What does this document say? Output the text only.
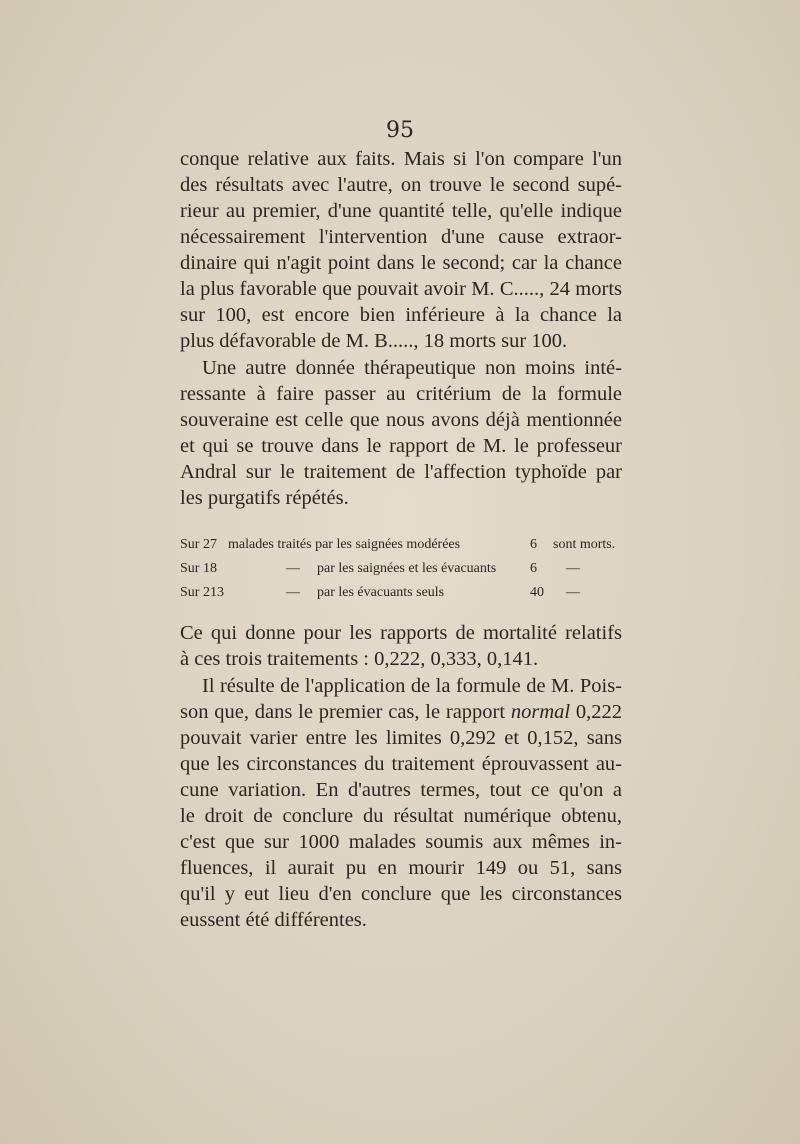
95
conque relative aux faits. Mais si l'on compare l'un
des résultats avec l'autre, on trouve le second supé-
rieur au premier, d'une quantité telle, qu'elle indique
nécessairement l'intervention d'une cause extraor-
dinaire qui n'agit point dans le second; car la chance
la plus favorable que pouvait avoir M. C....., 24 morts
sur 100, est encore bien inférieure à la chance la
plus défavorable de M. B....., 18 morts sur 100.
Une autre donnée thérapeutique non moins inté-
ressante à faire passer au critérium de la formule
souveraine est celle que nous avons déjà mentionnée
et qui se trouve dans le rapport de M. le professeur
Andral sur le traitement de l'affection typhoïde par
les purgatifs répétés.
Sur 27 malades traités par les saignées modérées	6 sont morts.
Sur 18	— par les saignées et les évacuants 6 —
Sur 213	— par les évacuants seuls	40 —
Ce qui donne pour les rapports de mortalité relatifs
à ces trois traitements : 0,222, 0,333, 0,141.
Il résulte de l'application de la formule de M. Pois-
son que, dans le premier cas, le rapport normal 0,222
pouvait varier entre les limites 0,292 et 0,152, sans
que les circonstances du traitement éprouvassent au-
cune variation. En d'autres termes, tout ce qu'on a
le droit de conclure du résultat numérique obtenu,
c'est que sur 1000 malades soumis aux mêmes in-
fluences, il aurait pu en mourir 149 ou 51, sans
qu'il y eut lieu d'en conclure que les circonstances
eussent été différentes.
